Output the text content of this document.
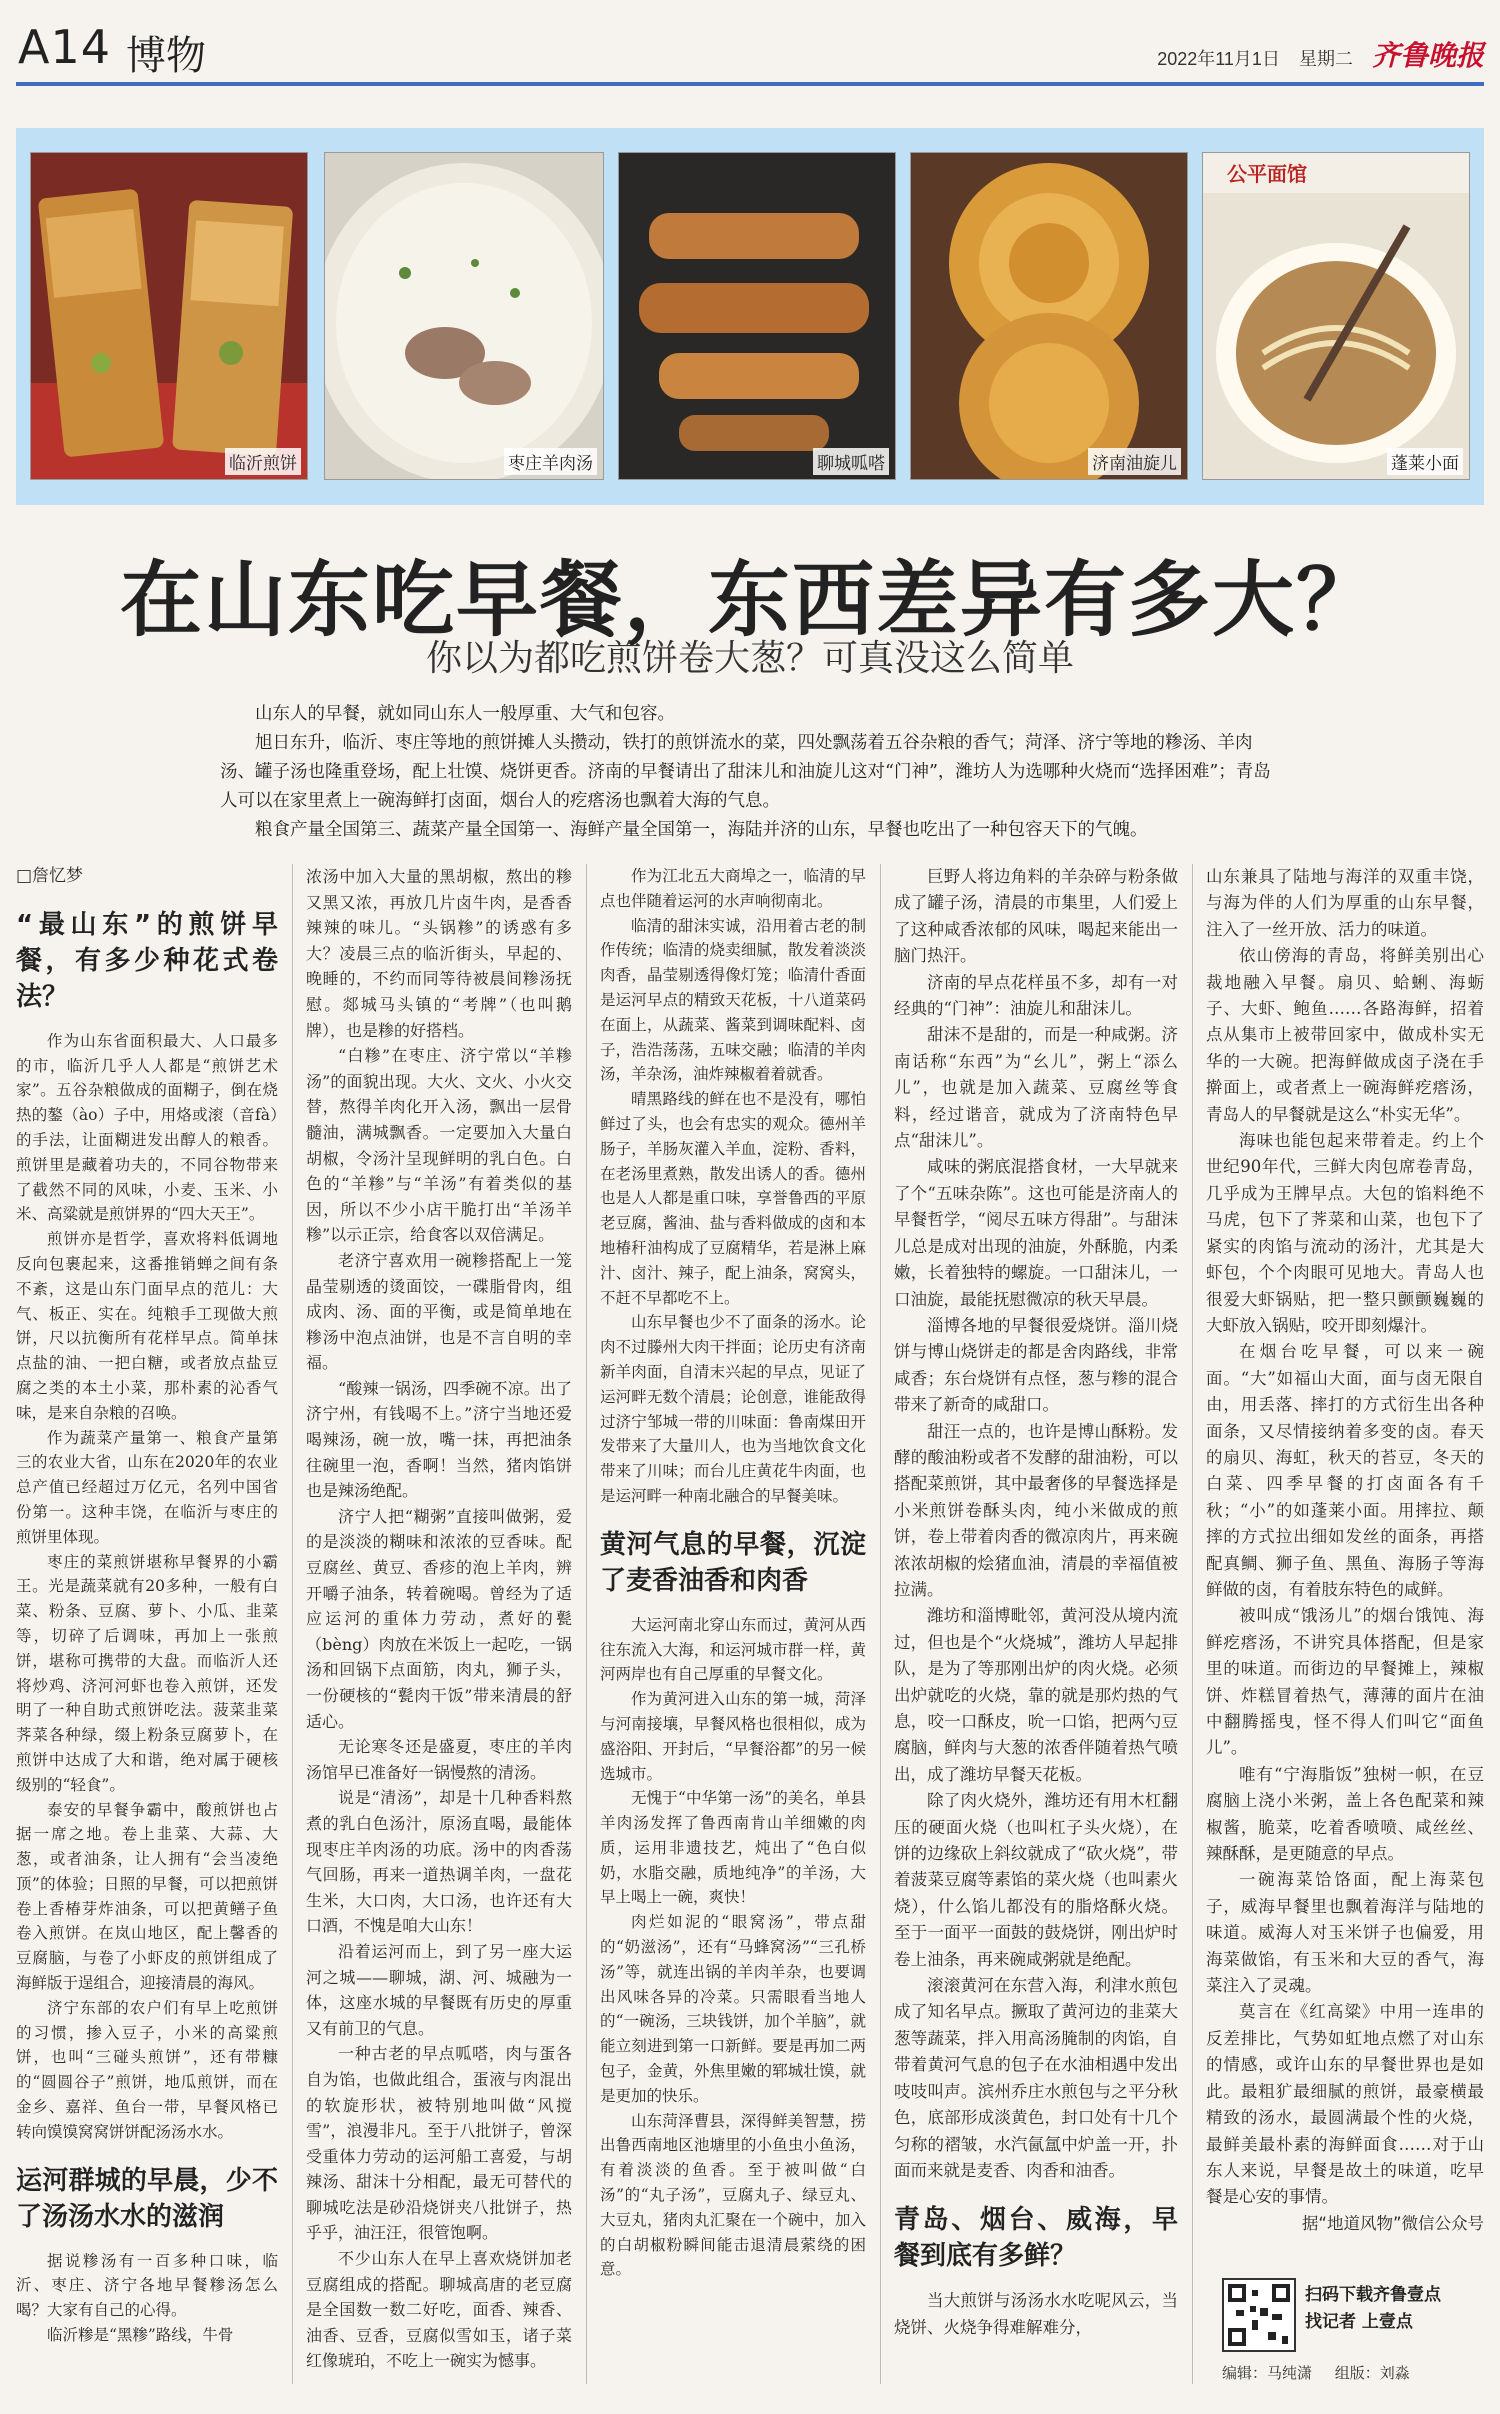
A14 博物	2022年11月1日 星期二 齐鲁晚报
临沂煎饼	枣庄羊肉汤	聊城呱嗒	济南油旋儿
公平面馆
蓬莱小面
在山东吃早餐，东西差异有多大？
你以为都吃煎饼卷大葱？可真没这么简单

山东人的早餐，就如同山东人一般厚重、大气和包容。

旭日东升，临沂、枣庄等地的煎饼摊人头攒动，铁打的煎饼流水的菜，四处飘荡着五谷杂粮的香气；菏泽、济宁等地的糁汤、羊肉汤、罐子汤也隆重登场，配上壮馍、烧饼更香。济南的早餐请出了甜沫儿和油旋儿这对“门神”，潍坊人为选哪种火烧而“选择困难”；青岛人可以在家里煮上一碗海鲜打卤面，烟台人的疙瘩汤也飘着大海的气息。

粮食产量全国第三、蔬菜产量全国第一、海鲜产量全国第一，海陆并济的山东，早餐也吃出了一种包容天下的气魄。

□詹忆梦

“最山东”的煎饼早餐，有多少种花式卷法？

作为山东省面积最大、人口最多的市，临沂几乎人人都是“煎饼艺术家”。五谷杂粮做成的面糊子，倒在烧热的鏊（ào）子中，用烙或滚（音fà）的手法，让面糊进发出醇人的粮香。煎饼里是藏着功夫的，不同谷物带来了截然不同的风味，小麦、玉米、小米、高粱就是煎饼界的“四大天王”。

煎饼亦是哲学，喜欢将料低调地反向包裹起来，这番推销蝉之间有条不紊，这是山东门面早点的范儿：大气、板正、实在。纯粮手工现做大煎饼，尺以抗衡所有花样早点。简单抹点盐的油、一把白糖，或者放点盐豆腐之类的本土小菜，那朴素的沁香气味，是来自杂粮的召唤。

作为蔬菜产量第一、粮食产量第三的农业大省，山东在2020年的农业总产值已经超过万亿元，名列中国省份第一。这种丰饶，在临沂与枣庄的煎饼里体现。

枣庄的菜煎饼堪称早餐界的小霸王。光是蔬菜就有20多种，一般有白菜、粉条、豆腐、萝卜、小瓜、韭菜等，切碎了后调味，再加上一张煎饼，堪称可携带的大盘。而临沂人还将炒鸡、济河河虾也卷入煎饼，还发明了一种自助式煎饼吃法。菠菜韭菜荠菜各种绿，缀上粉条豆腐萝卜，在煎饼中达成了大和谐，绝对属于硬核级别的“轻食”。

泰安的早餐争霸中，酸煎饼也占据一席之地。卷上韭菜、大蒜、大葱，或者油条，让人拥有“会当凌绝顶”的体验；日照的早餐，可以把煎饼卷上香椿芽炸油条，可以把黄鳝子鱼卷入煎饼。在岚山地区，配上馨香的豆腐脑，与卷了小虾皮的煎饼组成了海鲜版于逞组合，迎接清晨的海风。

济宁东部的农户们有早上吃煎饼的习惯，掺入豆子，小米的高粱煎饼，也叫“三碰头煎饼”，还有带糠的“圆圆谷子”煎饼，地瓜煎饼，而在金乡、嘉祥、鱼台一带，早餐风格已转向馍馍窝窝饼饼配汤汤水水。

运河群城的早晨，少不了汤汤水水的滋润

据说糁汤有一百多种口味，临沂、枣庄、济宁各地早餐糁汤怎么喝？大家有自己的心得。

临沂糁是“黑糁”路线，牛骨

浓汤中加入大量的黑胡椒，熬出的糁又黑又浓，再放几片卤牛肉，是香香辣辣的味儿。“头锅糁”的诱惑有多大？凌晨三点的临沂街头，早起的、晚睡的，不约而同等待被晨间糁汤抚慰。郯城马头镇的“考牌”（也叫鹅牌），也是糁的好搭档。

“白糁”在枣庄、济宁常以“羊糁汤”的面貌出现。大火、文火、小火交替，熬得羊肉化开入汤，飘出一层骨髓油，满城飘香。一定要加入大量白胡椒，令汤汁呈现鲜明的乳白色。白色的“羊糁”与“羊汤”有着类似的基因，所以不少小店干脆打出“羊汤羊糁”以示正宗，给食客以双倍满足。

老济宁喜欢用一碗糁搭配上一笼晶莹剔透的烫面饺，一碟脂骨肉，组成肉、汤、面的平衡，或是简单地在糁汤中泡点油饼，也是不言自明的幸福。

“酸辣一锅汤，四季碗不凉。出了济宁州，有钱喝不上。”济宁当地还爱喝辣汤，碗一放，嘴一抹，再把油条往碗里一泡，香啊！当然，猪肉馅饼也是辣汤绝配。

济宁人把“糊粥”直接叫做粥，爱的是淡淡的糊味和浓浓的豆香味。配豆腐丝、黄豆、香疹的泡上羊肉，辨开嚼子油条，转着碗喝。曾经为了适应运河的重体力劳动，煮好的甏（bèng）肉放在米饭上一起吃，一锅汤和回锅下点面筋，肉丸，狮子头，一份硬核的“甏肉干饭”带来清晨的舒适心。

无论寒冬还是盛夏，枣庄的羊肉汤馆早已准备好一锅慢熬的清汤。

说是“清汤”，却是十几种香料熬煮的乳白色汤汁，原汤直喝，最能体现枣庄羊肉汤的功底。汤中的肉香荡气回肠，再来一道热调羊肉，一盘花生米，大口肉，大口汤，也许还有大口酒，不愧是咱大山东！

沿着运河而上，到了另一座大运河之城——聊城，湖、河、城融为一体，这座水城的早餐既有历史的厚重又有前卫的气息。

一种古老的早点呱嗒，肉与蛋各自为馅，也做此组合，蛋液与肉混出的软旋形状，被特别地叫做“风搅雪”，浪漫非凡。至于八批饼子，曾深受重体力劳动的运河船工喜爱，与胡辣汤、甜沫十分相配，最无可替代的聊城吃法是砂沿烧饼夹八批饼子，热乎乎，油汪汪，很管饱啊。

不少山东人在早上喜欢烧饼加老豆腐组成的搭配。聊城高唐的老豆腐是全国数一数二好吃，面香、辣香、油香、豆香，豆腐似雪如玉，诸子菜红像琥珀，不吃上一碗实为憾事。

作为江北五大商埠之一，临清的早点也伴随着运河的水声响彻南北。

临清的甜沫实诚，沿用着古老的制作传统；临清的烧卖细腻，散发着淡淡肉香，晶莹剔透得像灯笼；临清什香面是运河早点的精致天花板，十八道菜码在面上，从蔬菜、酱菜到调味配料、卤子，浩浩荡荡，五味交融；临清的羊肉汤，羊杂汤，油炸辣椒着着就香。

晴黑路线的鲜在也不是没有，哪怕鲜过了头，也会有忠实的观众。德州羊肠子，羊肠灰灌入羊血，淀粉、香料，在老汤里煮熟，散发出诱人的香。德州也是人人都是重口味，享誉鲁西的平原老豆腐，酱油、盐与香料做成的卤和本地椿秆油构成了豆腐精华，若是淋上麻汁、卤汁、辣子，配上油条，窝窝头，不赶不早都吃不上。

山东早餐也少不了面条的汤水。论肉不过滕州大肉干拌面；论历史有济南新羊肉面，自清末兴起的早点，见证了运河畔无数个清晨；论创意，谁能敌得过济宁邹城一带的川味面：鲁南煤田开发带来了大量川人，也为当地饮食文化带来了川味；而台儿庄黄花牛肉面，也是运河畔一种南北融合的早餐美味。

黄河气息的早餐，沉淀了麦香油香和肉香

大运河南北穿山东而过，黄河从西往东流入大海，和运河城市群一样，黄河两岸也有自己厚重的早餐文化。

作为黄河进入山东的第一城，菏泽与河南接壤，早餐风格也很相似，成为盛浴阳、开封后，“早餐浴都”的另一候选城市。

无愧于“中华第一汤”的美名，单县羊肉汤发挥了鲁西南肯山羊细嫩的肉质，运用非遗技艺，炖出了“色白似奶，水脂交融，质地纯净”的羊汤，大早上喝上一碗，爽快！

肉烂如泥的“眼窝汤”，带点甜的“奶滋汤”，还有“马蜂窝汤”“三孔桥汤”等，就连出锅的羊肉羊杂，也要调出风味各异的冷菜。只需眼看当地人的“一碗汤，三块钱饼，加个羊脑”，就能立刻进到第一口新鲜。要是再加二两包子，金黄，外焦里嫩的郓城壮馍，就是更加的快乐。

山东菏泽曹县，深得鲜美智慧，捞出鲁西南地区池塘里的小鱼虫小鱼汤，有着淡淡的鱼香。至于被叫做“白汤”的“丸子汤”，豆腐丸子、绿豆丸、大豆丸，猪肉丸汇聚在一个碗中，加入的白胡椒粉瞬间能击退清晨萦绕的困意。

巨野人将边角料的羊杂碎与粉条做成了罐子汤，清晨的市集里，人们爱上了这种咸香浓郁的风味，喝起来能出一脑门热汗。

济南的早点花样虽不多，却有一对经典的“门神”：油旋儿和甜沫儿。

甜沫不是甜的，而是一种咸粥。济南话称“东西”为“幺儿”，粥上“添么儿”，也就是加入蔬菜、豆腐丝等食料，经过谐音，就成为了济南特色早点“甜沫儿”。

咸味的粥底混搭食材，一大早就来了个“五味杂陈”。这也可能是济南人的早餐哲学，“阅尽五味方得甜”。与甜沫儿总是成对出现的油旋，外酥脆，内柔嫩，长着独特的螺旋。一口甜沫儿，一口油旋，最能抚慰微凉的秋天早晨。

淄博各地的早餐很爱烧饼。淄川烧饼与博山烧饼走的都是舍肉路线，非常咸香；东台烧饼有点怪，葱与糁的混合带来了新奇的咸甜口。

甜汪一点的，也许是博山酥粉。发酵的酸油粉或者不发酵的甜油粉，可以搭配菜煎饼，其中最奢侈的早餐选择是小米煎饼卷酥头肉，纯小米做成的煎饼，卷上带着肉香的微凉肉片，再来碗浓浓胡椒的烩猪血油，清晨的幸福值被拉满。

潍坊和淄博毗邻，黄河没从境内流过，但也是个“火烧城”，潍坊人早起排队，是为了等那刚出炉的肉火烧。必须出炉就吃的火烧，靠的就是那灼热的气息，咬一口酥皮，吮一口馅，把两勺豆腐脑，鲜肉与大葱的浓香伴随着热气喷出，成了潍坊早餐天花板。

除了肉火烧外，潍坊还有用木杠翻压的硬面火烧（也叫杠子头火烧），在饼的边缘砍上斜纹就成了“砍火烧”，带着菠菜豆腐等素馅的菜火烧（也叫素火烧），什么馅儿都没有的脂烙酥火烧。至于一面平一面鼓的鼓烧饼，刚出炉时卷上油条，再来碗咸粥就是绝配。

滚滚黄河在东营入海，利津水煎包成了知名早点。撅取了黄河边的韭菜大葱等蔬菜，拌入用高汤腌制的肉馅，自带着黄河气息的包子在水油相遇中发出吱吱叫声。滨州乔庄水煎包与之平分秋色，底部形成淡黄色，封口处有十几个匀称的褶皱，水汽氤氲中炉盖一开，扑面而来就是麦香、肉香和油香。

青岛、烟台、威海，早餐到底有多鲜？

当大煎饼与汤汤水水吃呢风云，当烧饼、火烧争得难解难分，

山东兼具了陆地与海洋的双重丰饶，与海为伴的人们为厚重的山东早餐，注入了一丝开放、活力的味道。

依山傍海的青岛，将鲜美别出心裁地融入早餐。扇贝、蛤蜊、海蛎子、大虾、鲍鱼……各路海鲜，招着点从集市上被带回家中，做成朴实无华的一大碗。把海鲜做成卤子浇在手擀面上，或者煮上一碗海鲜疙瘩汤，青岛人的早餐就是这么“朴实无华”。

海味也能包起来带着走。约上个世纪90年代，三鲜大肉包席卷青岛，几乎成为王牌早点。大包的馅料绝不马虎，包下了荠菜和山菜，也包下了紧实的肉馅与流动的汤汁，尤其是大虾包，个个肉眼可见地大。青岛人也很爱大虾锅贴，把一整只颤颤巍巍的大虾放入锅贴，咬开即刻爆汁。

在烟台吃早餐，可以来一碗面。“大”如福山大面，面与卤无限自由，用丢落、摔打的方式衍生出各种面条，又尽情接纳着多变的卤。春天的扇贝、海虹，秋天的苔豆，冬天的白菜、四季早餐的打卤面各有千秋；“小”的如蓬莱小面。用摔拉、颠摔的方式拉出细如发丝的面条，再搭配真鲷、狮子鱼、黑鱼、海肠子等海鲜做的卤，有着肢东特色的咸鲜。

被叫成“饿汤儿”的烟台饿饨、海鲜疙瘩汤，不讲究具体搭配，但是家里的味道。而街边的早餐摊上，辣椒饼、炸糕冒着热气，薄薄的面片在油中翻腾摇曳，怪不得人们叫它“面鱼儿”。

唯有“宁海脂饭”独树一帜，在豆腐脑上浇小米粥，盖上各色配菜和辣椒酱，脆菜，吃着香喷喷、咸丝丝、辣酥酥，是更随意的早点。

一碗海菜饸饹面，配上海菜包子，威海早餐里也飘着海洋与陆地的味道。威海人对玉米饼子也偏爱，用海菜做馅，有玉米和大豆的香气，海菜注入了灵魂。

莫言在《红高粱》中用一连串的反差排比，气势如虹地点燃了对山东的情感，或许山东的早餐世界也是如此。最粗犷最细腻的煎饼，最豪横最精致的汤水，最圆满最个性的火烧，最鲜美最朴素的海鲜面食……对于山东人来说，早餐是故土的味道，吃早餐是心安的事情。

据“地道风物”微信公众号

扫码下载齐鲁壹点
找记者 上壹点
编辑：马纯潇 组版：刘淼
